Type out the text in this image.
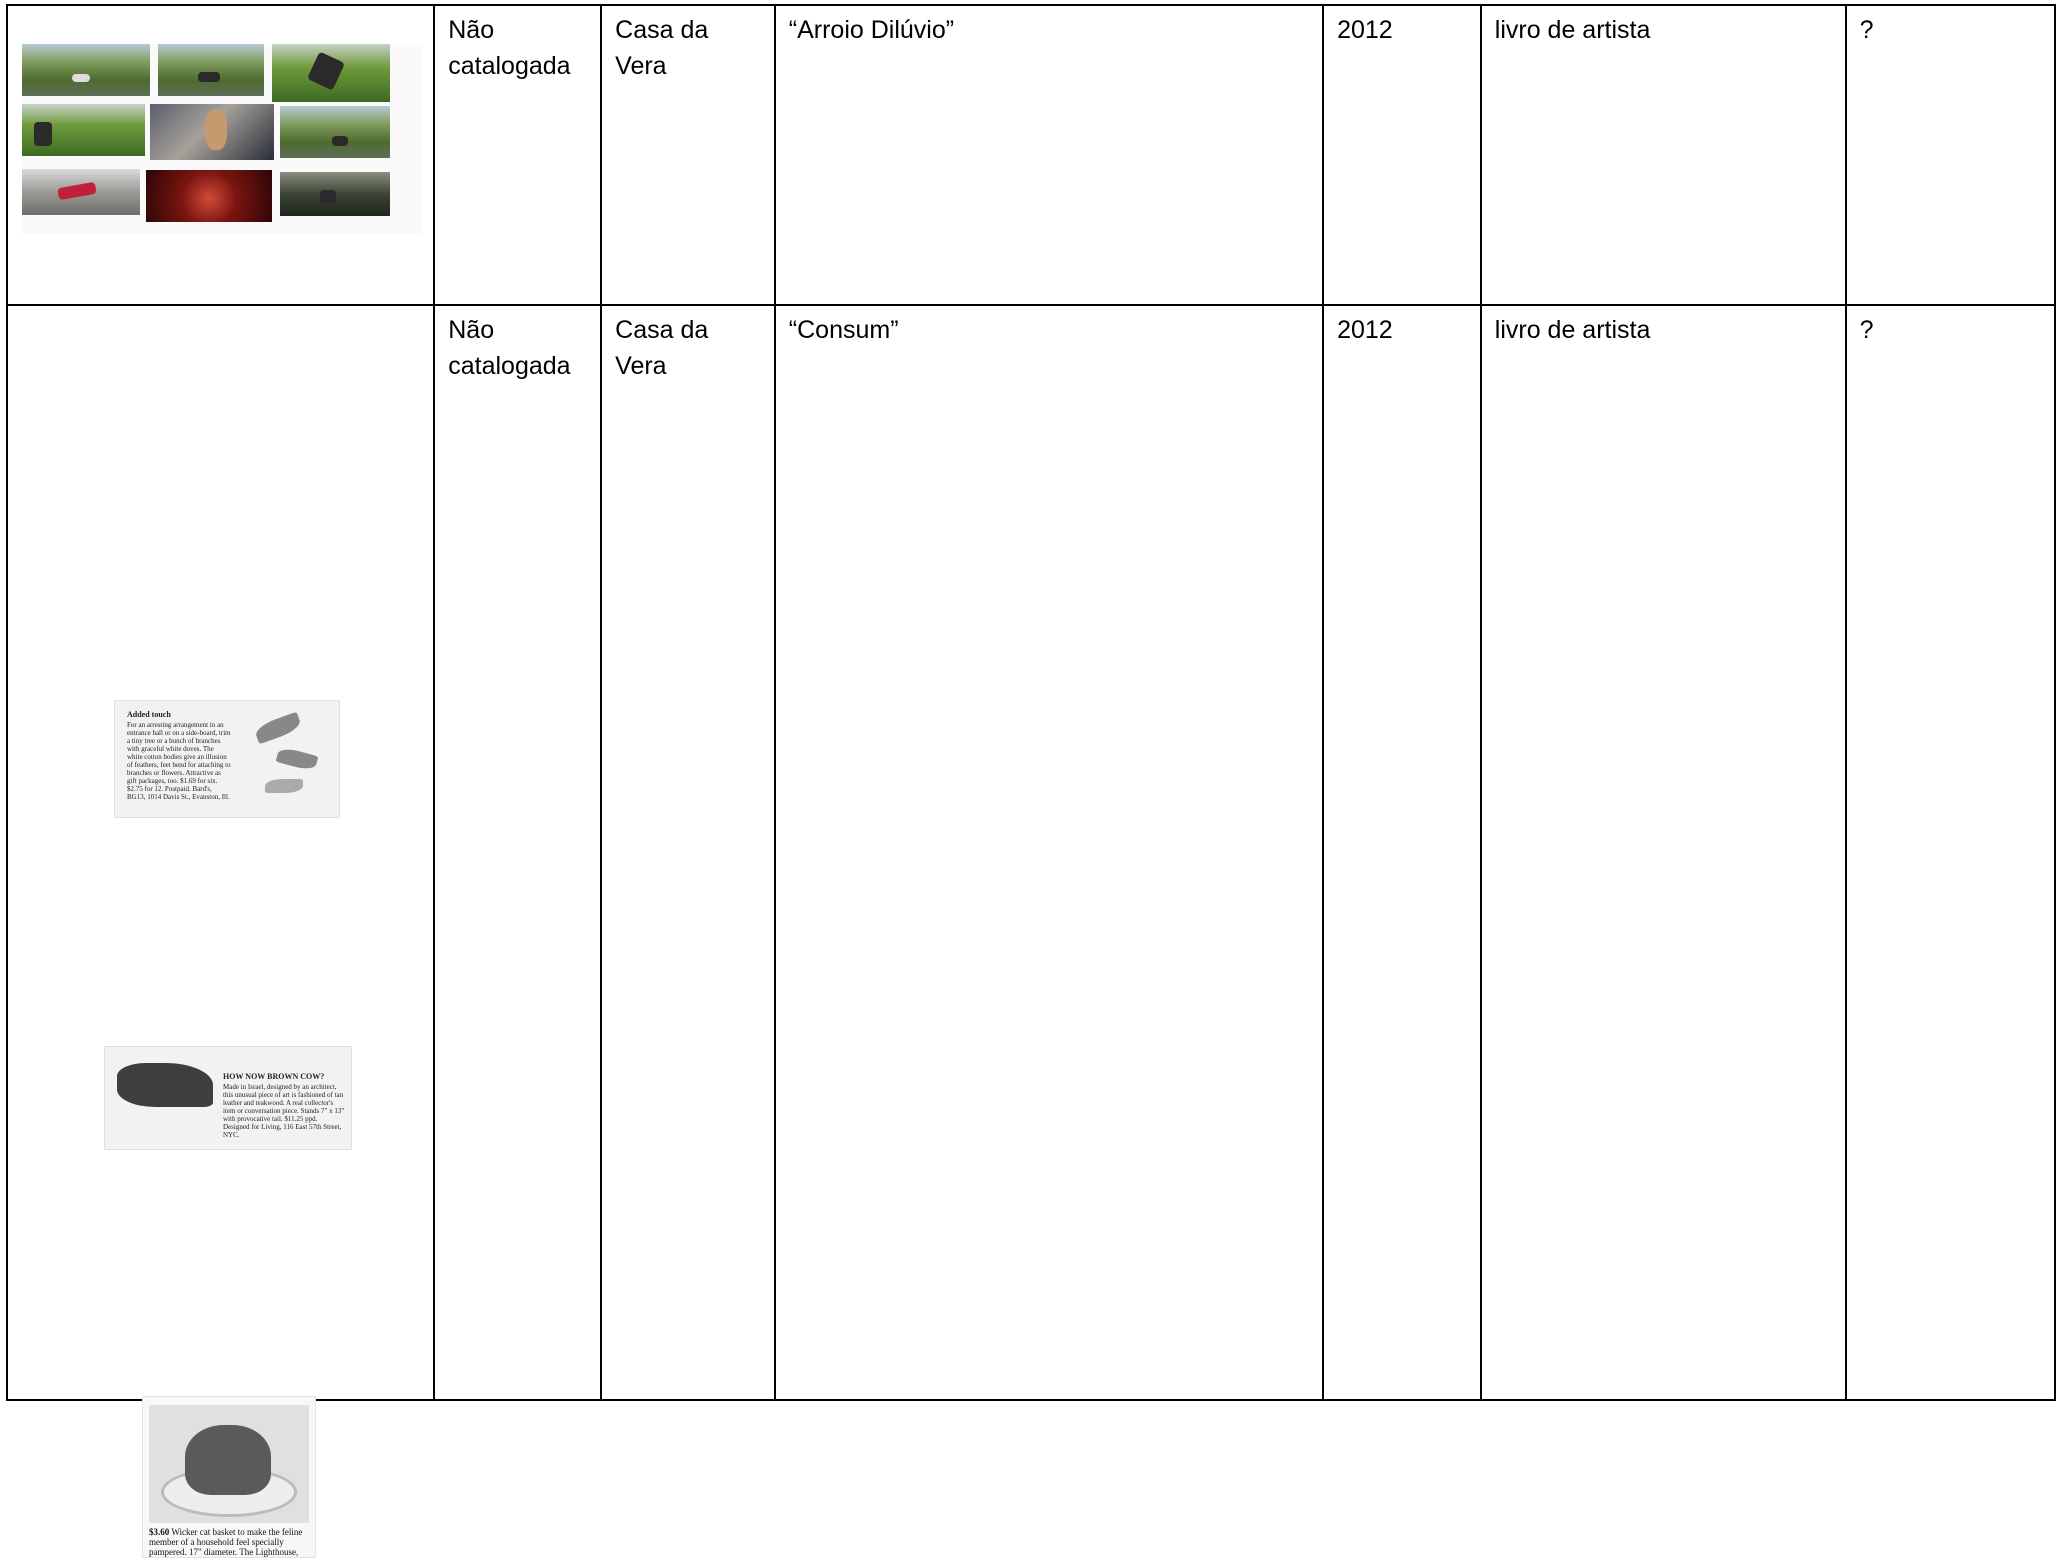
	Não catalogada	Casa da Vera	“Arroio Dilúvio”	2012	livro de artista	?

Added touch
For an arresting arrangement in an entrance hall or on a side-board, trim a tiny tree or a bunch of branches with graceful white doves. The white cotton bodies give an illusion of feathers, feet bend for attaching to branches or flowers. Attractive as gift packages, too. $1.69 for six. $2.75 for 12. Postpaid. Bard's, BG13, 1014 Davis St., Evanston, Ill.
HOW NOW BROWN COW?
Made in Israel, designed by an architect, this unusual piece of art is fashioned of tan leather and teakwood. A real collector's item or conversation piece. Stands 7" x 13" with provocative tail. $11.25 ppd. Designed for Living, 116 East 57th Street, NYC.
$3.60 Wicker cat basket to make the feline member of a household feel specially pampered. 17" diameter. The Lighthouse,	Não catalogada	Casa da Vera	“Consum”	2012	livro de artista	?
